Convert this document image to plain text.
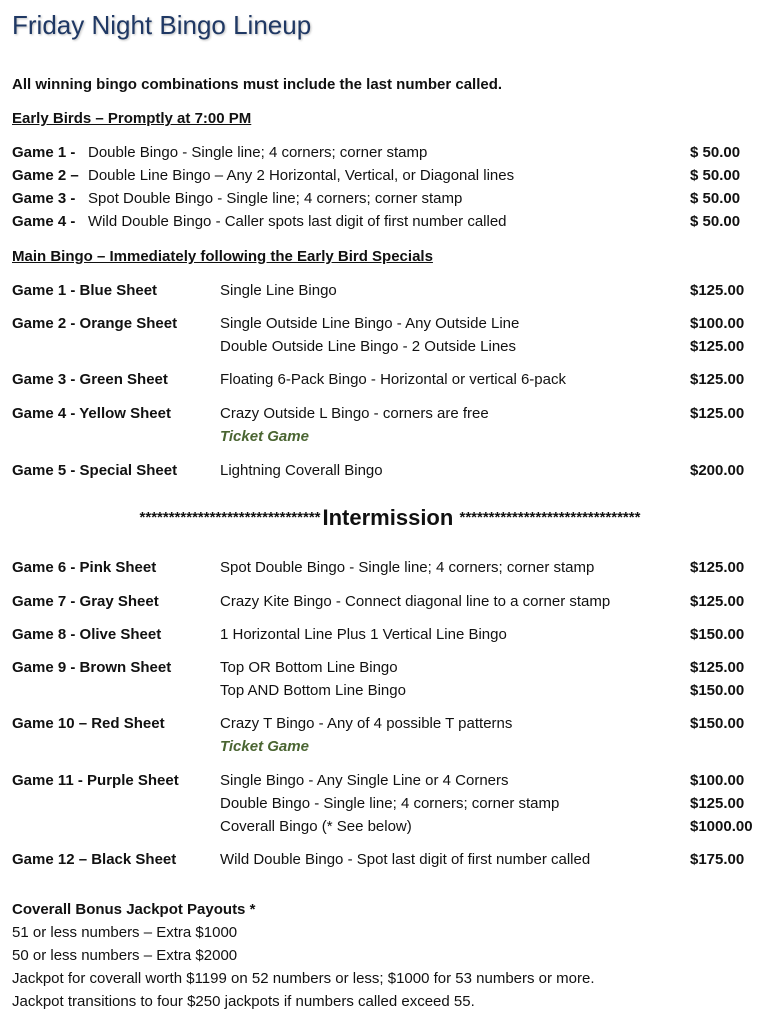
Friday Night Bingo Lineup
All winning bingo combinations must include the last number called.
Early Birds – Promptly at 7:00 PM
Game 1 - Double Bingo - Single line; 4 corners; corner stamp	$ 50.00
Game 2 – Double Line Bingo – Any 2 Horizontal, Vertical, or Diagonal lines	$ 50.00
Game 3 - Spot Double Bingo - Single line; 4 corners; corner stamp	$ 50.00
Game 4 - Wild Double Bingo - Caller spots last digit of first number called	$ 50.00
Main Bingo – Immediately following the Early Bird Specials
Game 1 - Blue Sheet	Single Line Bingo	$125.00
Game 2 - Orange Sheet	Single Outside Line Bingo - Any Outside Line	$100.00
Double Outside Line Bingo - 2 Outside Lines	$125.00
Game 3 - Green Sheet	Floating 6-Pack Bingo - Horizontal or vertical 6-pack	$125.00
Game 4 - Yellow Sheet	Crazy Outside L Bingo - corners are free	$125.00
Ticket Game
Game 5 - Special Sheet	Lightning Coverall Bingo	$200.00
*******************************Intermission *******************************
Game 6 - Pink Sheet	Spot Double Bingo - Single line; 4 corners; corner stamp	$125.00
Game 7 - Gray Sheet	Crazy Kite Bingo - Connect diagonal line to a corner stamp	$125.00
Game 8 - Olive Sheet	1 Horizontal Line Plus 1 Vertical Line Bingo	$150.00
Game 9 - Brown Sheet	Top OR Bottom Line Bingo	$125.00
Top AND Bottom Line Bingo	$150.00
Game 10 – Red Sheet	Crazy T Bingo - Any of 4 possible T patterns	$150.00
Ticket Game
Game 11 - Purple Sheet	Single Bingo - Any Single Line or 4 Corners	$100.00
Double Bingo - Single line; 4 corners; corner stamp	$125.00
Coverall Bingo (* See below)	$1000.00
Game 12 – Black Sheet	Wild Double Bingo - Spot last digit of first number called	$175.00
Coverall Bonus Jackpot Payouts *
51 or less numbers – Extra $1000
50 or less numbers – Extra $2000
Jackpot for coverall worth $1199 on 52 numbers or less; $1000 for 53 numbers or more.
Jackpot transitions to four $250 jackpots if numbers called exceed 55.
